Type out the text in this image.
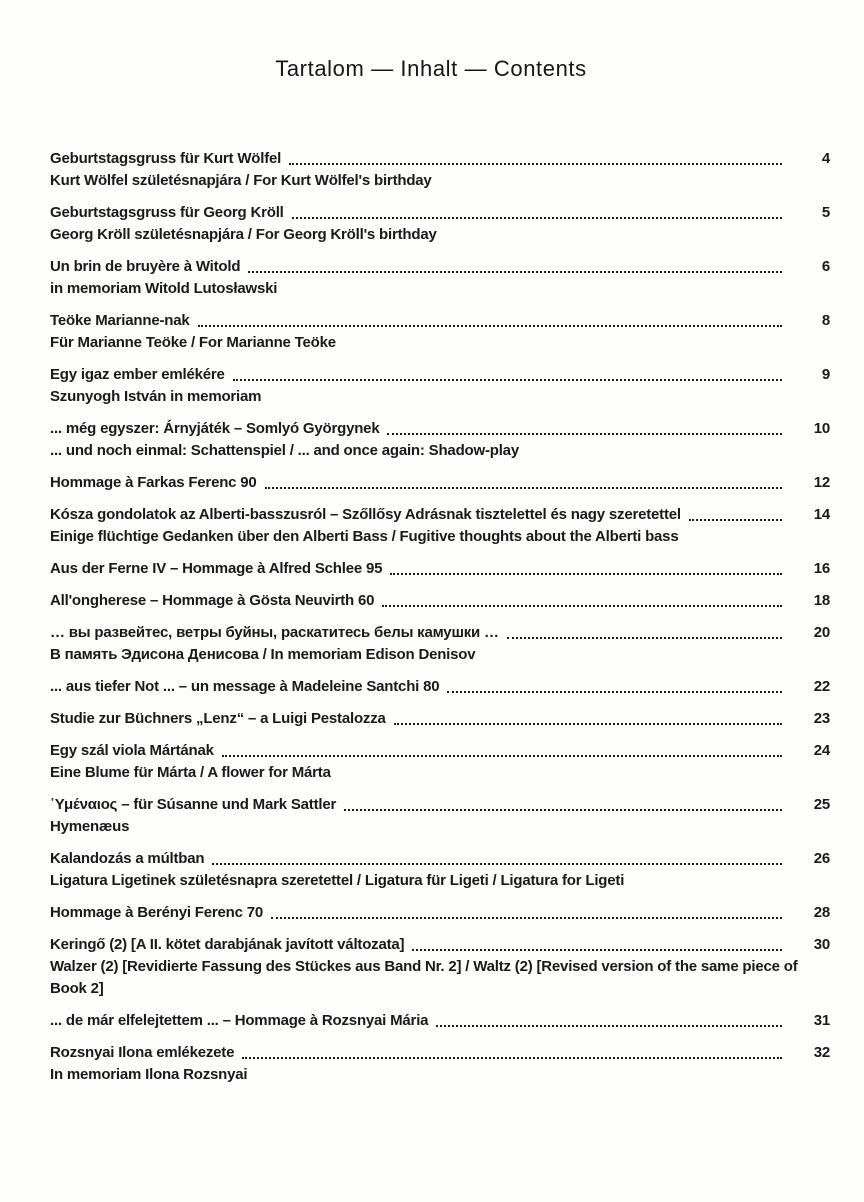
Tartalom — Inhalt — Contents
Geburtstagsgruss für Kurt Wölfel	4
Kurt Wölfel születésnapjára / For Kurt Wölfel's birthday
Geburtstagsgruss für Georg Kröll	5
Georg Kröll születésnapjára / For Georg Kröll's birthday
Un brin de bruyère à Witold	6
in memoriam Witold Lutosławski
Teöke Marianne-nak	8
Für Marianne Teöke / For Marianne Teöke
Egy igaz ember emlékére	9
Szunyogh István in memoriam
... még egyszer: Árnyjáték – Somlyó Györgynek	10
... und noch einmal: Schattenspiel / ... and once again: Shadow-play
Hommage à Farkas Ferenc 90	12
Kósza gondolatok az Alberti-basszusról – Szőllősy Adrásnak tisztelettel és nagy szeretettel	14
Einige flüchtige Gedanken über den Alberti Bass / Fugitive thoughts about the Alberti bass
Aus der Ferne IV – Hommage à Alfred Schlee 95	16
All'ongherese – Hommage à Gösta Neuvirth 60	18
… вы развейтес, ветры буйны, раскатитесь белы камушки …	20
В память Эдисона Денисова / In memoriam Edison Denisov
... aus tiefer Not ... – un message à Madeleine Santchi 80	22
Studie zur Büchners „Lenz“ – a Luigi Pestalozza	23
Egy szál viola Mártának	24
Eine Blume für Márta / A flower for Márta
῾Υμέναιος – für Súsanne und Mark Sattler	25
Hymenæus
Kalandozás a múltban	26
Ligatura Ligetinek születésnapra szeretettel / Ligatura für Ligeti / Ligatura for Ligeti
Hommage à Berényi Ferenc 70	28
Keringő (2) [A II. kötet darabjának javított változata]	30
Walzer (2) [Revidierte Fassung des Stückes aus Band Nr. 2] / Waltz (2) [Revised version of the same piece of Book 2]
... de már elfelejtettem ... – Hommage à Rozsnyai Mária	31
Rozsnyai Ilona emlékezete	32
In memoriam Ilona Rozsnyai
